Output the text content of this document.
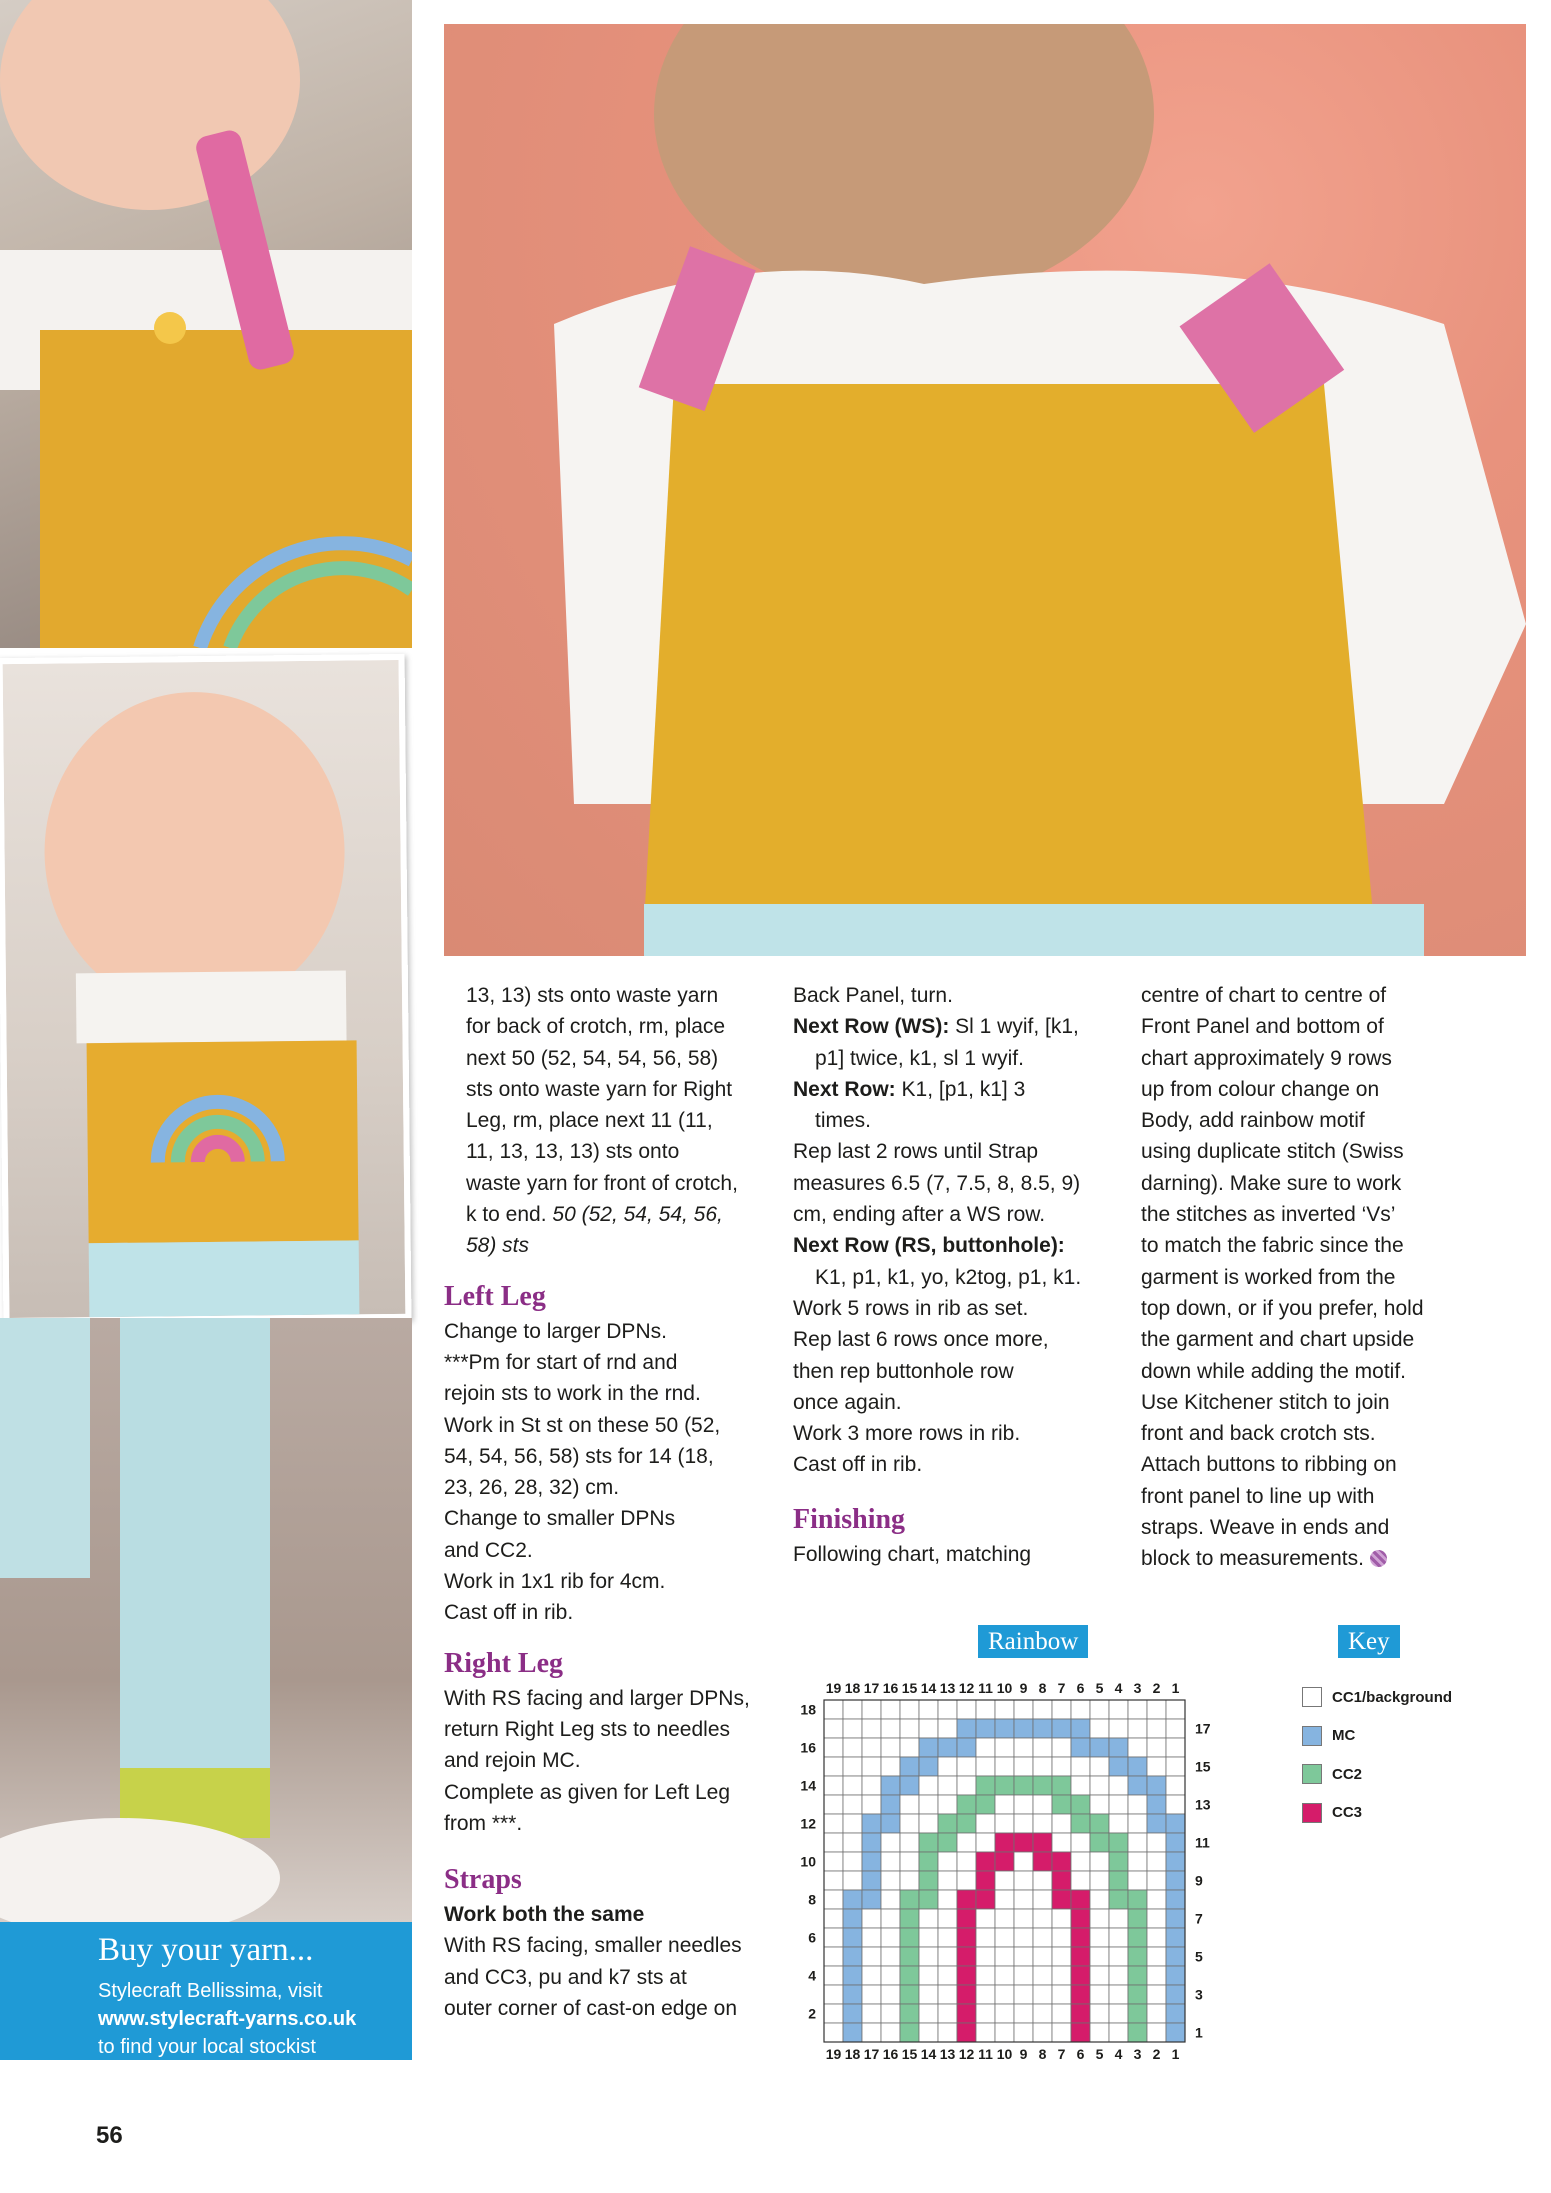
Buy your yarn...
Stylecraft Bellissima, visit
www.stylecraft-yarns.co.uk
to find your local stockist
56

13, 13) sts onto waste yarn

for back of crotch, rm, place

next 50 (52, 54, 54, 56, 58)

sts onto waste yarn for Right

Leg, rm, place next 11 (11,

11, 13, 13, 13) sts onto

waste yarn for front of crotch,

k to end. 50 (52, 54, 54, 56,

58) sts

Left Leg

Change to larger DPNs.

***Pm for start of rnd and

rejoin sts to work in the rnd.

Work in St st on these 50 (52,

54, 54, 56, 58) sts for 14 (18,

23, 26, 28, 32) cm.

Change to smaller DPNs

and CC2.

Work in 1x1 rib for 4cm.

Cast off in rib.

Right Leg

With RS facing and larger DPNs,

return Right Leg sts to needles

and rejoin MC.

Complete as given for Left Leg

from ***.

Straps

Work both the same

With RS facing, smaller needles

and CC3, pu and k7 sts at

outer corner of cast-on edge on

Back Panel, turn.

Next Row (WS): Sl 1 wyif, [k1,

p1] twice, k1, sl 1 wyif.

Next Row: K1, [p1, k1] 3

times.

Rep last 2 rows until Strap

measures 6.5 (7, 7.5, 8, 8.5, 9)

cm, ending after a WS row.

Next Row (RS, buttonhole):

K1, p1, k1, yo, k2tog, p1, k1.

Work 5 rows in rib as set.

Rep last 6 rows once more,

then rep buttonhole row

once again.

Work 3 more rows in rib.

Cast off in rib.

Finishing

Following chart, matching

centre of chart to centre of

Front Panel and bottom of

chart approximately 9 rows

up from colour change on

Body, add rainbow motif

using duplicate stitch (Swiss

darning). Make sure to work

the stitches as inverted ‘Vs’

to match the fabric since the

garment is worked from the

top down, or if you prefer, hold

the garment and chart upside

down while adding the motif.

Use Kitchener stitch to join

front and back crotch sts.

Attach buttons to ribbing on

front panel to line up with

straps. Weave in ends and

block to measurements.

Rainbow	Key
19
19
18
18
17
17
16
16
15
15
14
14
13
13
12
12
11
11
10
10
9
9
8
8
7
7
6
6
5
5
4
4
3
3
2
2
1
1
18
16
14
12
10
8
6
4
2
17
15
13
11
9
7
5
3
1
CC1/background
MC
CC2
CC3
